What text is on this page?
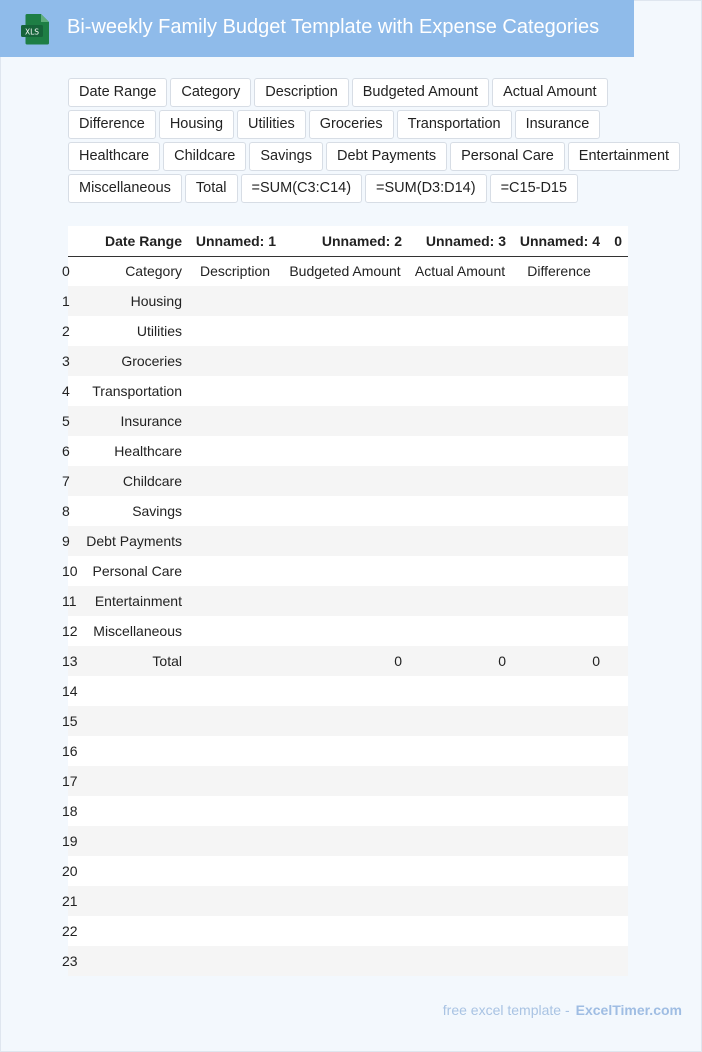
XLS Bi-weekly Family Budget Template with Expense Categories
Date Range	Category	Description	Budgeted Amount	Actual Amount
Difference	Housing	Utilities	Groceries	Transportation	Insurance
Healthcare	Childcare	Savings	Debt Payments	Personal Care	Entertainment
Miscellaneous	Total	=SUM(C3:C14)	=SUM(D3:D14)	=C15-D15
	Date Range	Unnamed: 1	Unnamed: 2	Unnamed: 3	Unnamed: 4	0
0	Category	Description	Budgeted Amount	Actual Amount	Difference	
1	Housing					
2	Utilities					
3	Groceries					
4	Transportation					
5	Insurance					
6	Healthcare					
7	Childcare					
8	Savings					
9	Debt Payments					
10	Personal Care					
11	Entertainment					
12	Miscellaneous					
13	Total		0	0	0	
14						
15						
16						
17						
18						
19						
20						
21						
22						
23						
free excel template - ExcelTimer.com
